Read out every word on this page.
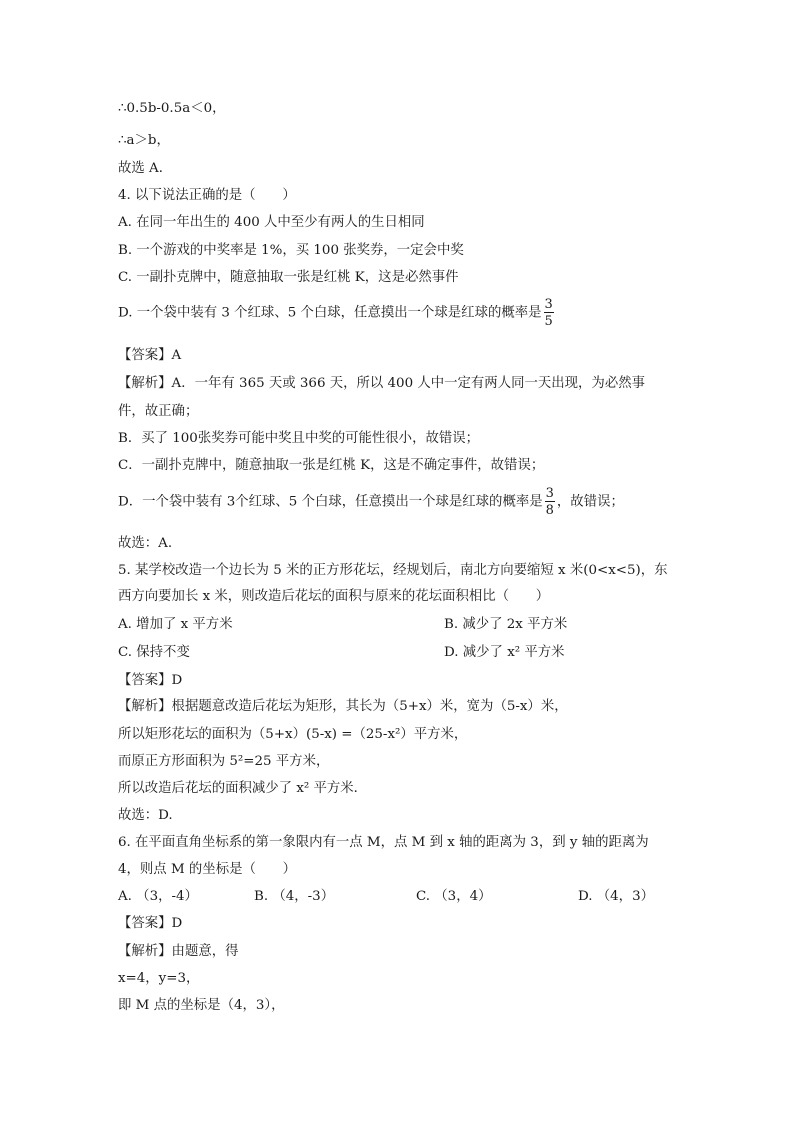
∴0.5b-0.5a＜0，
∴a＞b，
故选 A．
4. 以下说法正确的是（　　）
A. 在同一年出生的 400 人中至少有两人的生日相同
B. 一个游戏的中奖率是 1%，买 100 张奖券，一定会中奖
C. 一副扑克牌中，随意抽取一张是红桃 K，这是必然事件
D. 一个袋中装有 3 个红球、5 个白球，任意摸出一个球是红球的概率是 $\frac{3}{5}$
【答案】A
【解析】A．一年有 365 天或 366 天，所以 400 人中一定有两人同一天出现，为必然事
件，故正确；
B．买了 100张奖券可能中奖且中奖的可能性很小，故错误；
C．一副扑克牌中，随意抽取一张是红桃 K，这是不确定事件，故错误；
D．一个袋中装有 3个红球、5 个白球，任意摸出一个球是红球的概率是 $\frac{3}{8}$ ，故错误；
故选：A.
5. 某学校改造一个边长为 5 米的正方形花坛，经规划后，南北方向要缩短 x 米(0<x<5)，东
西方向要加长 x 米，则改造后花坛的面积与原来的花坛面积相比（　　）
A. 增加了 x 平方米	B. 减少了 2x 平方米
C. 保持不变	D. 减少了 x² 平方米
【答案】D
【解析】根据题意改造后花坛为矩形，其长为（5+x）米，宽为（5-x）米，
所以矩形花坛的面积为（5+x）(5-x) =（25-x²）平方米，
而原正方形面积为 5²=25 平方米，
所以改造后花坛的面积减少了 x² 平方米．
故选：D.
6. 在平面直角坐标系的第一象限内有一点 M，点 M 到 x 轴的距离为 3，到 y 轴的距离为
4，则点 M 的坐标是（　　）
A. （3，-4）	B. （4，-3）	C. （3，4）	D. （4，3）
【答案】D
【解析】由题意，得
x=4，y=3，
即 M 点的坐标是（4，3），
